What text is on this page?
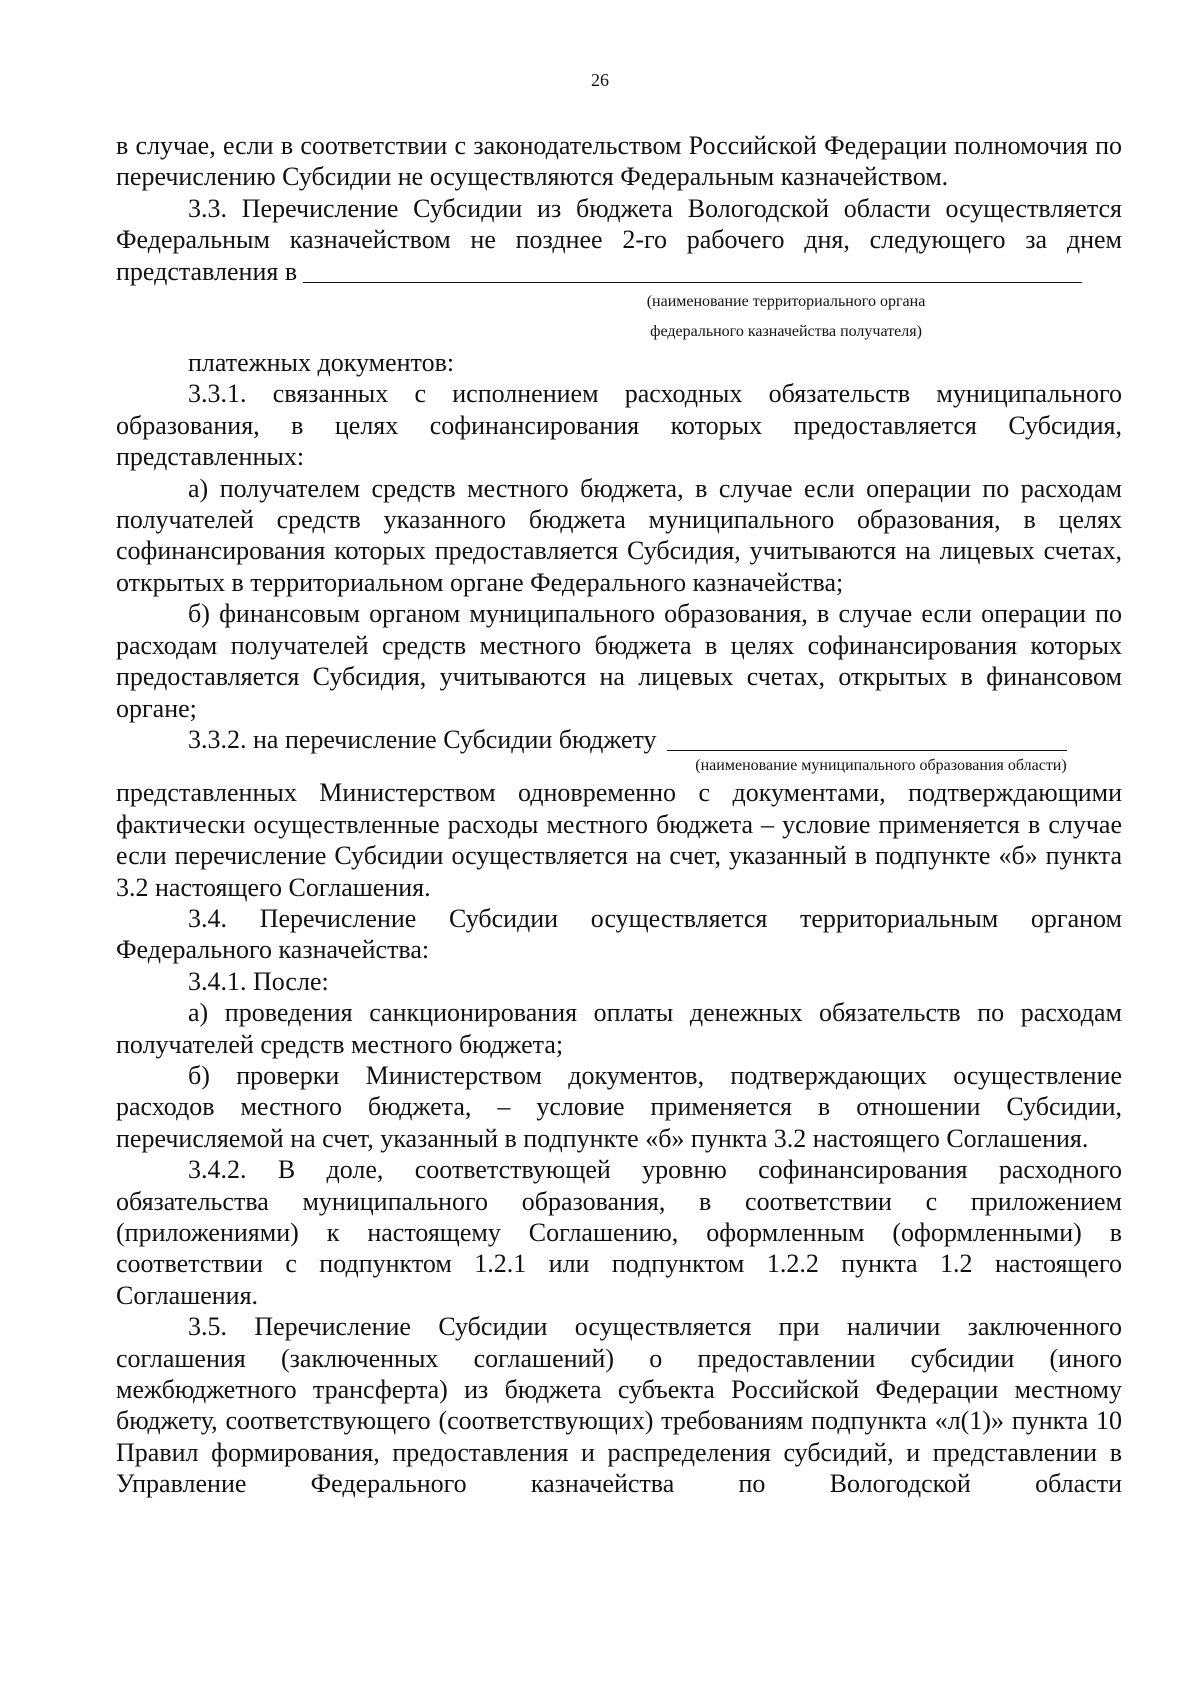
26

в случае, если в соответствии с законодательством Российской Федерации полномочия по перечислению Субсидии не осуществляются Федеральным казначейством.

3.3. Перечисление Субсидии из бюджета Вологодской области осуществляется Федеральным казначейством не позднее 2-го рабочего дня, следующего за днем

представления в
(наименование территориального органа
федерального казначейства получателя)

платежных документов:

3.3.1. связанных с исполнением расходных обязательств муниципального образования, в целях софинансирования которых предоставляется Субсидия, представленных:

а) получателем средств местного бюджета, в случае если операции по расходам получателей средств указанного бюджета муниципального образования, в целях софинансирования которых предоставляется Субсидия, учитываются на лицевых счетах, открытых в территориальном органе Федерального казначейства;

б) финансовым органом муниципального образования, в случае если операции по расходам получателей средств местного бюджета в целях софинансирования которых предоставляется Субсидия, учитываются на лицевых счетах, открытых в финансовом органе;

3.3.2. на перечисление Субсидии бюджету
(наименование муниципального образования области)

представленных Министерством одновременно с документами, подтверждающими фактически осуществленные расходы местного бюджета – условие применяется в случае если перечисление Субсидии осуществляется на счет, указанный в подпункте «б» пункта 3.2 настоящего Соглашения.

3.4. Перечисление Субсидии осуществляется территориальным органом Федерального казначейства:

3.4.1. После:

а) проведения санкционирования оплаты денежных обязательств по расходам получателей средств местного бюджета;

б) проверки Министерством документов, подтверждающих осуществление расходов местного бюджета, – условие применяется в отношении Субсидии, перечисляемой на счет, указанный в подпункте «б» пункта 3.2 настоящего Соглашения.

3.4.2. В доле, соответствующей уровню софинансирования расходного обязательства муниципального образования, в соответствии с приложением (приложениями) к настоящему Соглашению, оформленным (оформленными) в соответствии с подпунктом 1.2.1 или подпунктом 1.2.2 пункта 1.2 настоящего Соглашения.

3.5. Перечисление Субсидии осуществляется при наличии заключенного соглашения (заключенных соглашений) о предоставлении субсидии (иного межбюджетного трансферта) из бюджета субъекта Российской Федерации местному бюджету, соответствующего (соответствующих) требованиям подпункта «л(1)» пункта 10 Правил формирования, предоставления и распределения субсидий, и представлении в Управление Федерального казначейства по Вологодской области
